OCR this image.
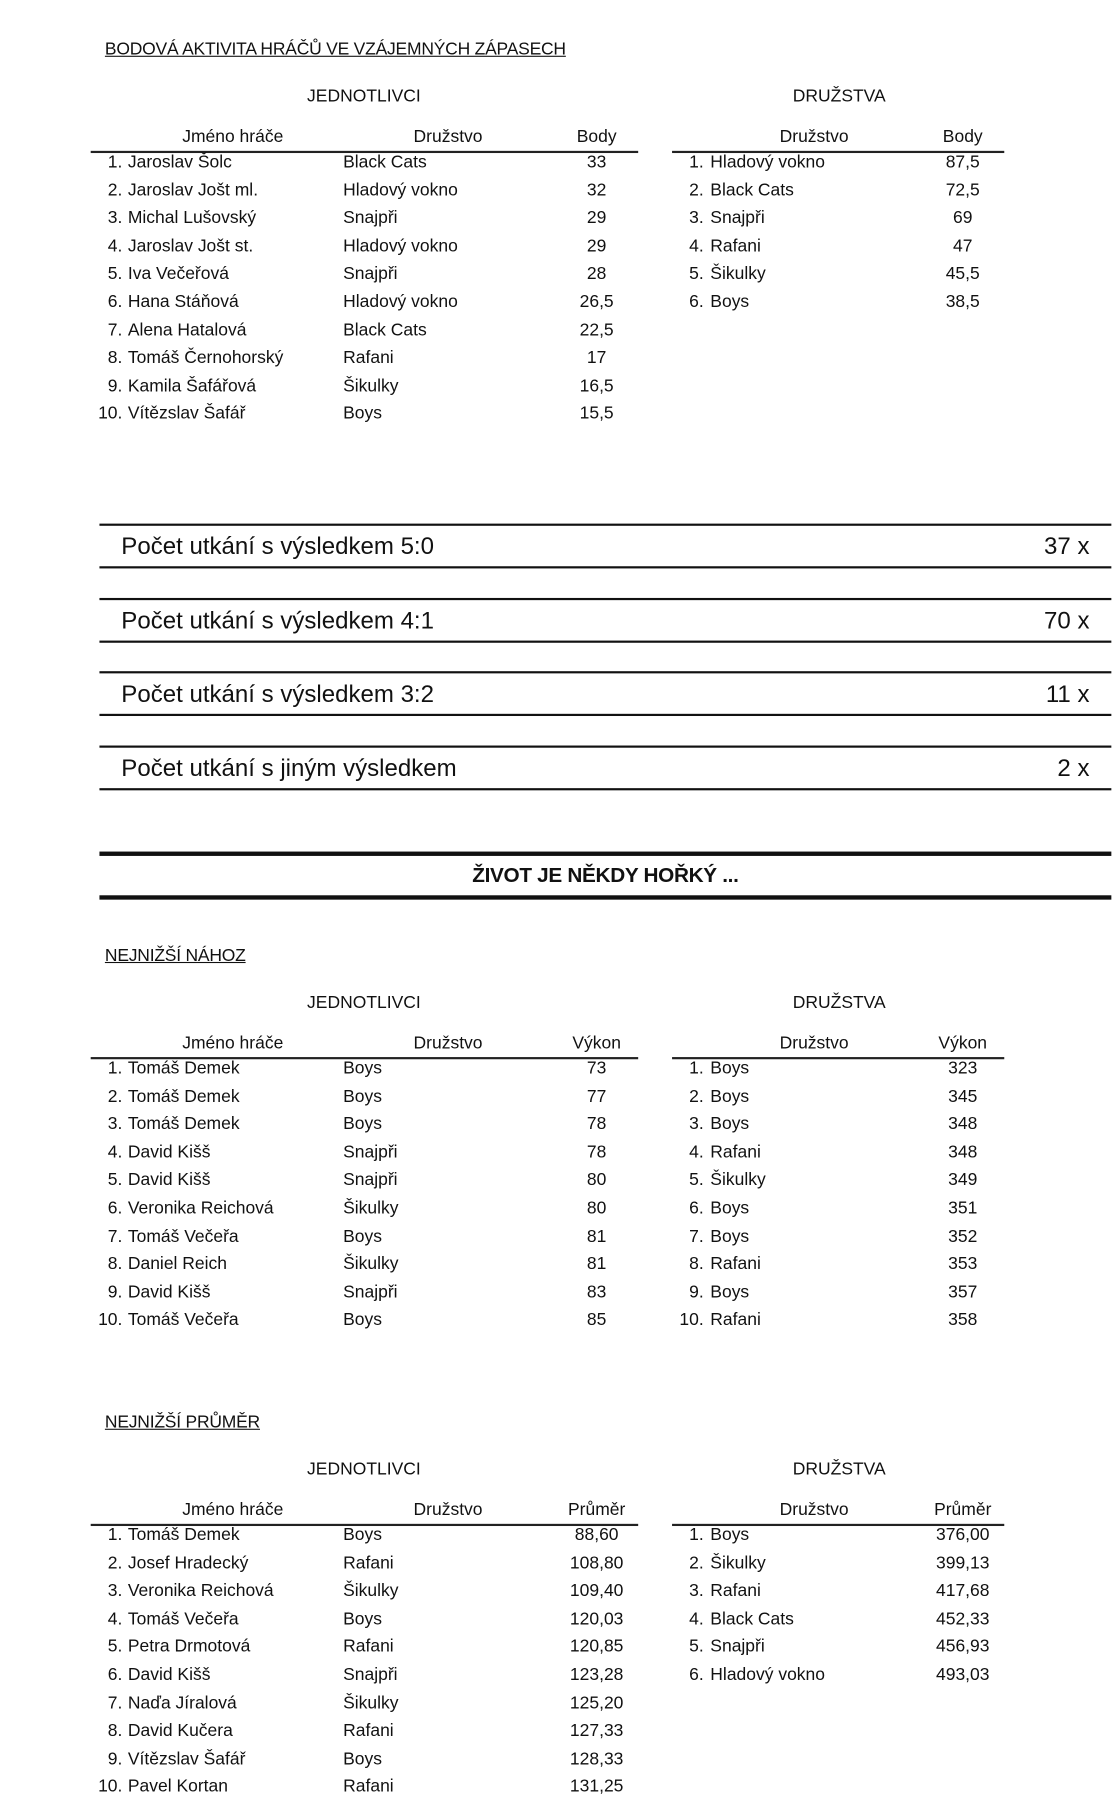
Počet utkání s výsledkem 5:0	37 x
Počet utkání s výsledkem 4:1	70 x
Počet utkání s výsledkem 3:2	11 x
Počet utkání s jiným výsledkem	2 x
ŽIVOT JE NĚKDY HOŘKÝ ...
BODOVÁ AKTIVITA HRÁČŮ VE VZÁJEMNÝCH ZÁPASECH
JEDNOTLIVCI	DRUŽSTVA
Jméno hráče	Družstvo	Body	Družstvo	Body
1. Jaroslav Šolc	Black Cats	33
2. Jaroslav Jošt ml.	Hladový vokno	32
3. Michal Lušovský	Snajpři	29
4. Jaroslav Jošt st.	Hladový vokno	29
5. Iva Večeřová	Snajpři	28
6. Hana Stáňová	Hladový vokno	26,5
7. Alena Hatalová	Black Cats	22,5
8. Tomáš Černohorský	Rafani	17
9. Kamila Šafářová	Šikulky	16,5
10. Vítězslav Šafář	Boys	15,5
1. Hladový vokno	87,5
2. Black Cats	72,5
3. Snajpři	69
4. Rafani	47
5. Šikulky	45,5
6. Boys	38,5
NEJNIŽŠÍ NÁHOZ
JEDNOTLIVCI	DRUŽSTVA
Jméno hráče	Družstvo	Výkon	Družstvo	Výkon
1. Tomáš Demek	Boys	73
2. Tomáš Demek	Boys	77
3. Tomáš Demek	Boys	78
4. David Kišš	Snajpři	78
5. David Kišš	Snajpři	80
6. Veronika Reichová	Šikulky	80
7. Tomáš Večeřa	Boys	81
8. Daniel Reich	Šikulky	81
9. David Kišš	Snajpři	83
10. Tomáš Večeřa	Boys	85
1. Boys	323
2. Boys	345
3. Boys	348
4. Rafani	348
5. Šikulky	349
6. Boys	351
7. Boys	352
8. Rafani	353
9. Boys	357
10. Rafani	358
NEJNIŽŠÍ PRŮMĚR
JEDNOTLIVCI	DRUŽSTVA
Jméno hráče	Družstvo	Průměr	Družstvo	Průměr
1. Tomáš Demek	Boys	88,60
2. Josef Hradecký	Rafani	108,80
3. Veronika Reichová	Šikulky	109,40
4. Tomáš Večeřa	Boys	120,03
5. Petra Drmotová	Rafani	120,85
6. David Kišš	Snajpři	123,28
7. Naďa Jíralová	Šikulky	125,20
8. David Kučera	Rafani	127,33
9. Vítězslav Šafář	Boys	128,33
10. Pavel Kortan	Rafani	131,25
1. Boys	376,00
2. Šikulky	399,13
3. Rafani	417,68
4. Black Cats	452,33
5. Snajpři	456,93
6. Hladový vokno	493,03
